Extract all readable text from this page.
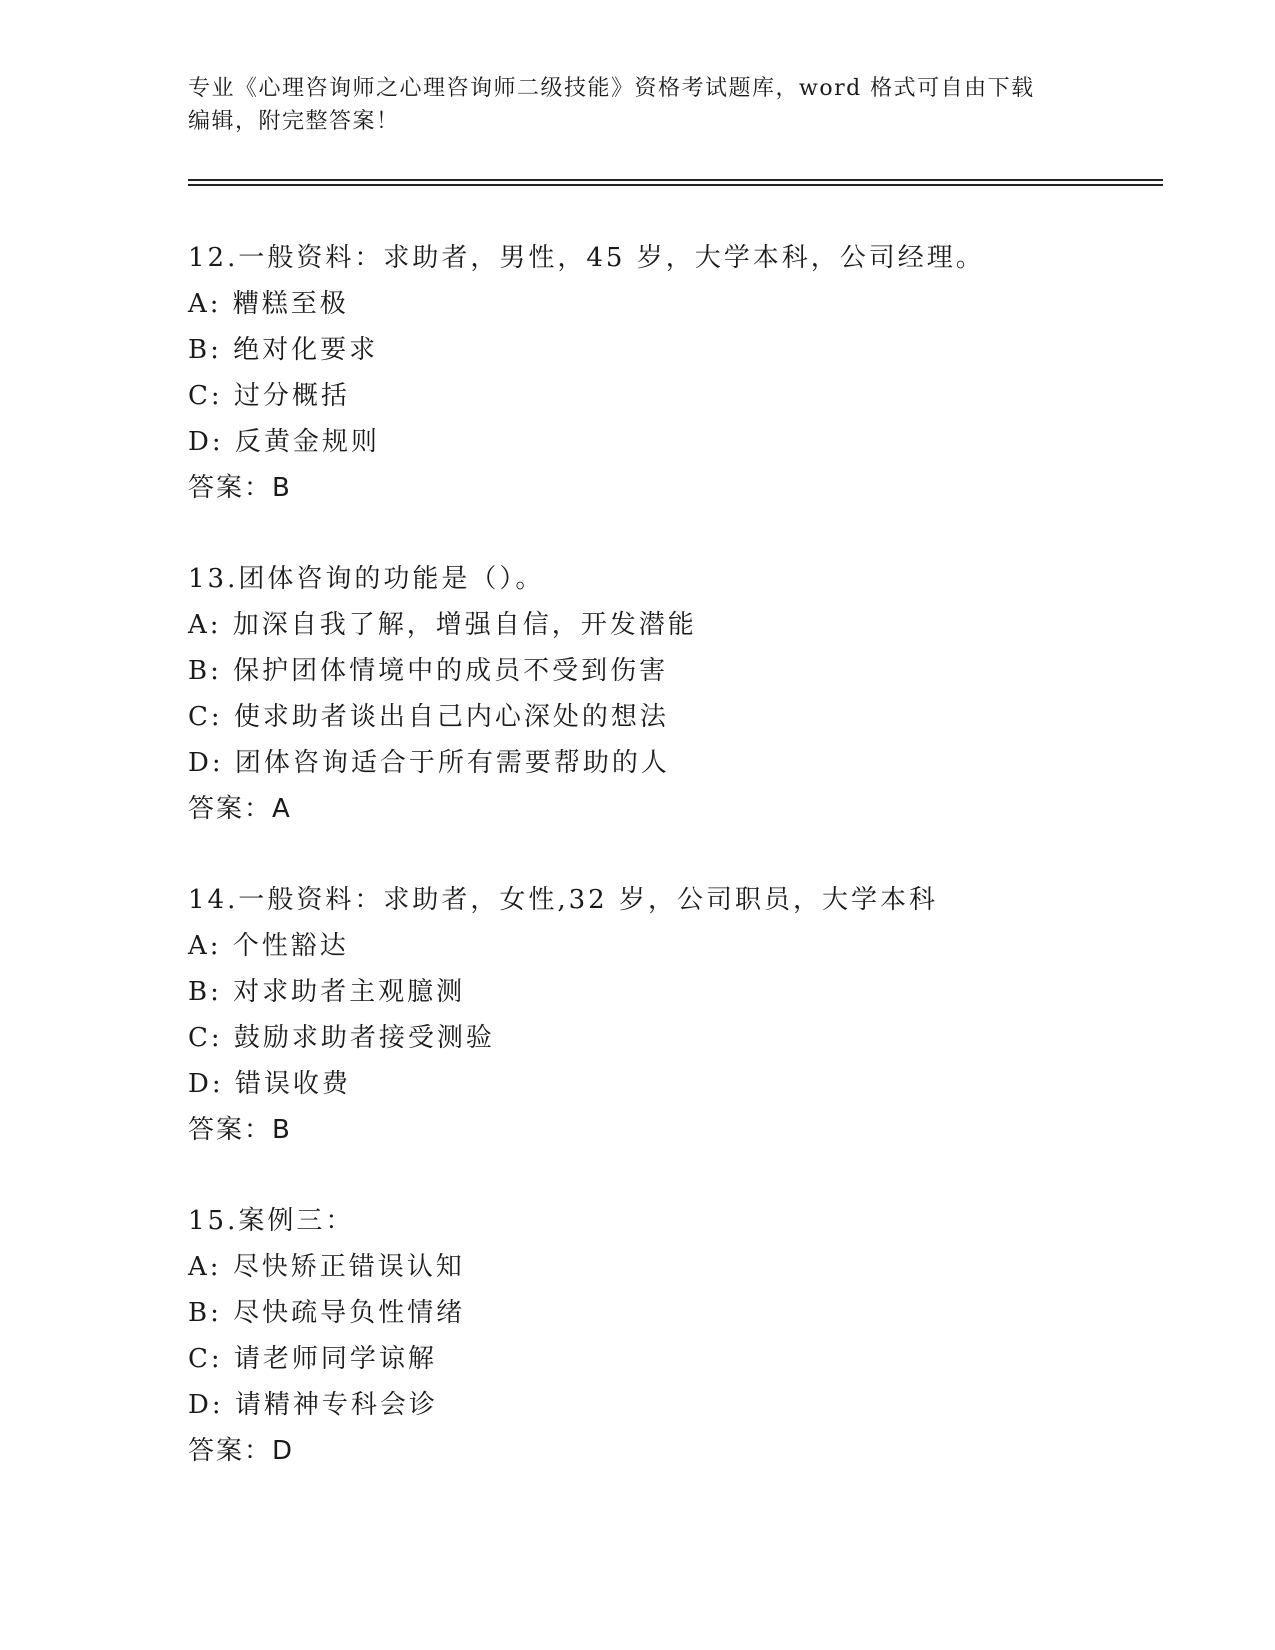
专业《心理咨询师之心理咨询师二级技能》资格考试题库，word 格式可自由下载
编辑，附完整答案！
12.一般资料：求助者，男性，45 岁，大学本科，公司经理。
A: 糟糕至极
B: 绝对化要求
C: 过分概括
D: 反黄金规则
答案：B
13.团体咨询的功能是（）。
A: 加深自我了解，增强自信，开发潜能
B: 保护团体情境中的成员不受到伤害
C: 使求助者谈出自己内心深处的想法
D: 团体咨询适合于所有需要帮助的人
答案：A
14.一般资料：求助者，女性,32 岁，公司职员，大学本科
A: 个性豁达
B: 对求助者主观臆测
C: 鼓励求助者接受测验
D: 错误收费
答案：B
15.案例三：
A: 尽快矫正错误认知
B: 尽快疏导负性情绪
C: 请老师同学谅解
D: 请精神专科会诊
答案：D
